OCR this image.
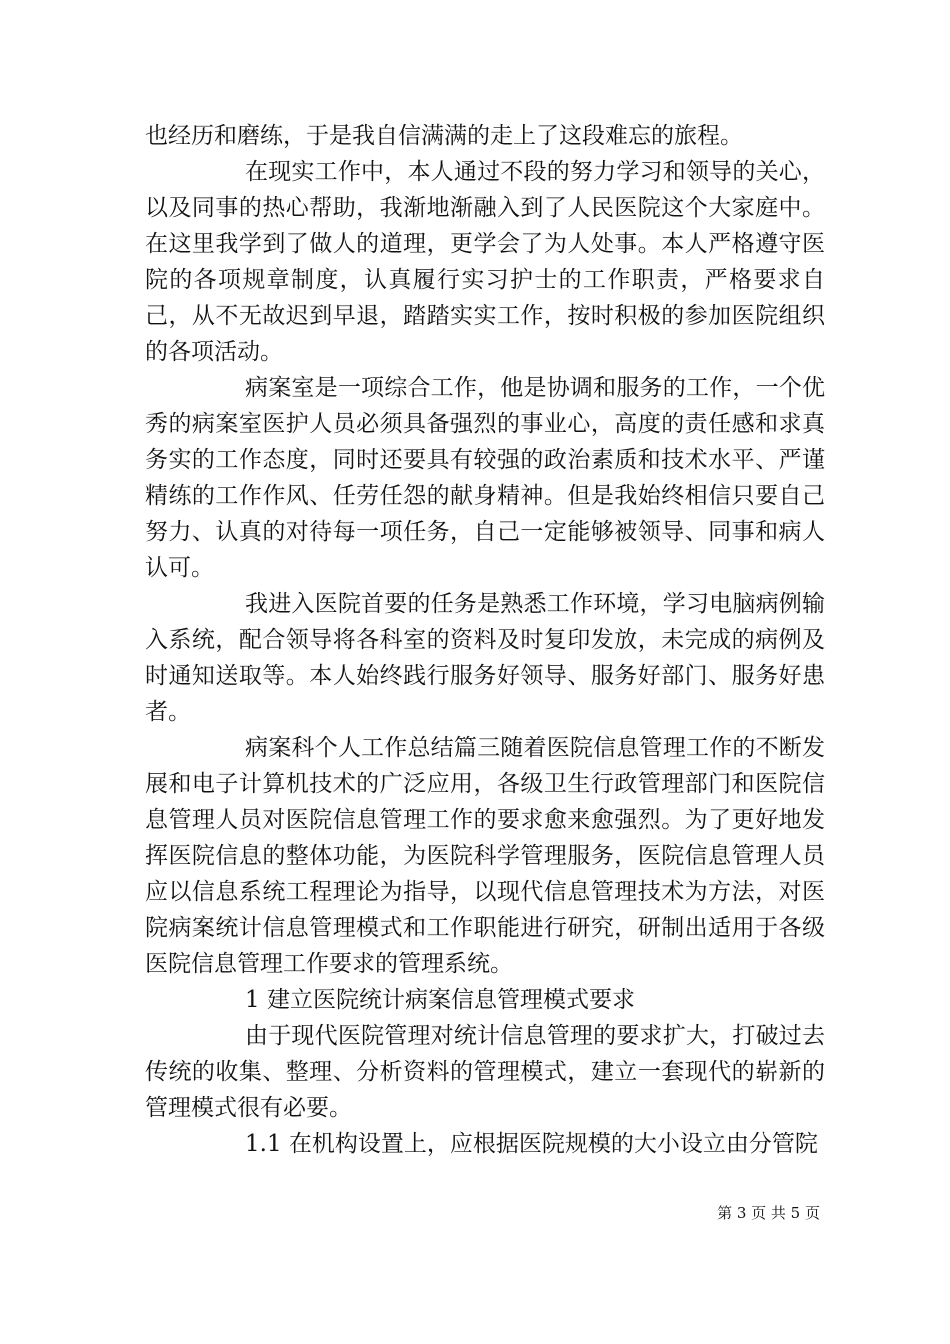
也经历和磨练，于是我自信满满的走上了这段难忘的旅程。

在现实工作中，本人通过不段的努力学习和领导的关心，以及同事的热心帮助，我渐地渐融入到了人民医院这个大家庭中。在这里我学到了做人的道理，更学会了为人处事。本人严格遵守医院的各项规章制度，认真履行实习护士的工作职责，严格要求自己，从不无故迟到早退，踏踏实实工作，按时积极的参加医院组织的各项活动。

病案室是一项综合工作，他是协调和服务的工作，一个优秀的病案室医护人员必须具备强烈的事业心，高度的责任感和求真务实的工作态度，同时还要具有较强的政治素质和技术水平、严谨精练的工作作风、任劳任怨的献身精神。但是我始终相信只要自己努力、认真的对待每一项任务，自己一定能够被领导、同事和病人认可。

我进入医院首要的任务是熟悉工作环境，学习电脑病例输入系统，配合领导将各科室的资料及时复印发放，未完成的病例及时通知送取等。本人始终践行服务好领导、服务好部门、服务好患者。

病案科个人工作总结篇三随着医院信息管理工作的不断发展和电子计算机技术的广泛应用，各级卫生行政管理部门和医院信息管理人员对医院信息管理工作的要求愈来愈强烈。为了更好地发挥医院信息的整体功能，为医院科学管理服务，医院信息管理人员应以信息系统工程理论为指导，以现代信息管理技术为方法，对医院病案统计信息管理模式和工作职能进行研究，研制出适用于各级医院信息管理工作要求的管理系统。

1 建立医院统计病案信息管理模式要求

由于现代医院管理对统计信息管理的要求扩大，打破过去传统的收集、整理、分析资料的管理模式，建立一套现代的崭新的管理模式很有必要。

1.1 在机构设置上，应根据医院规模的大小设立由分管院

第 3 页 共 5 页
